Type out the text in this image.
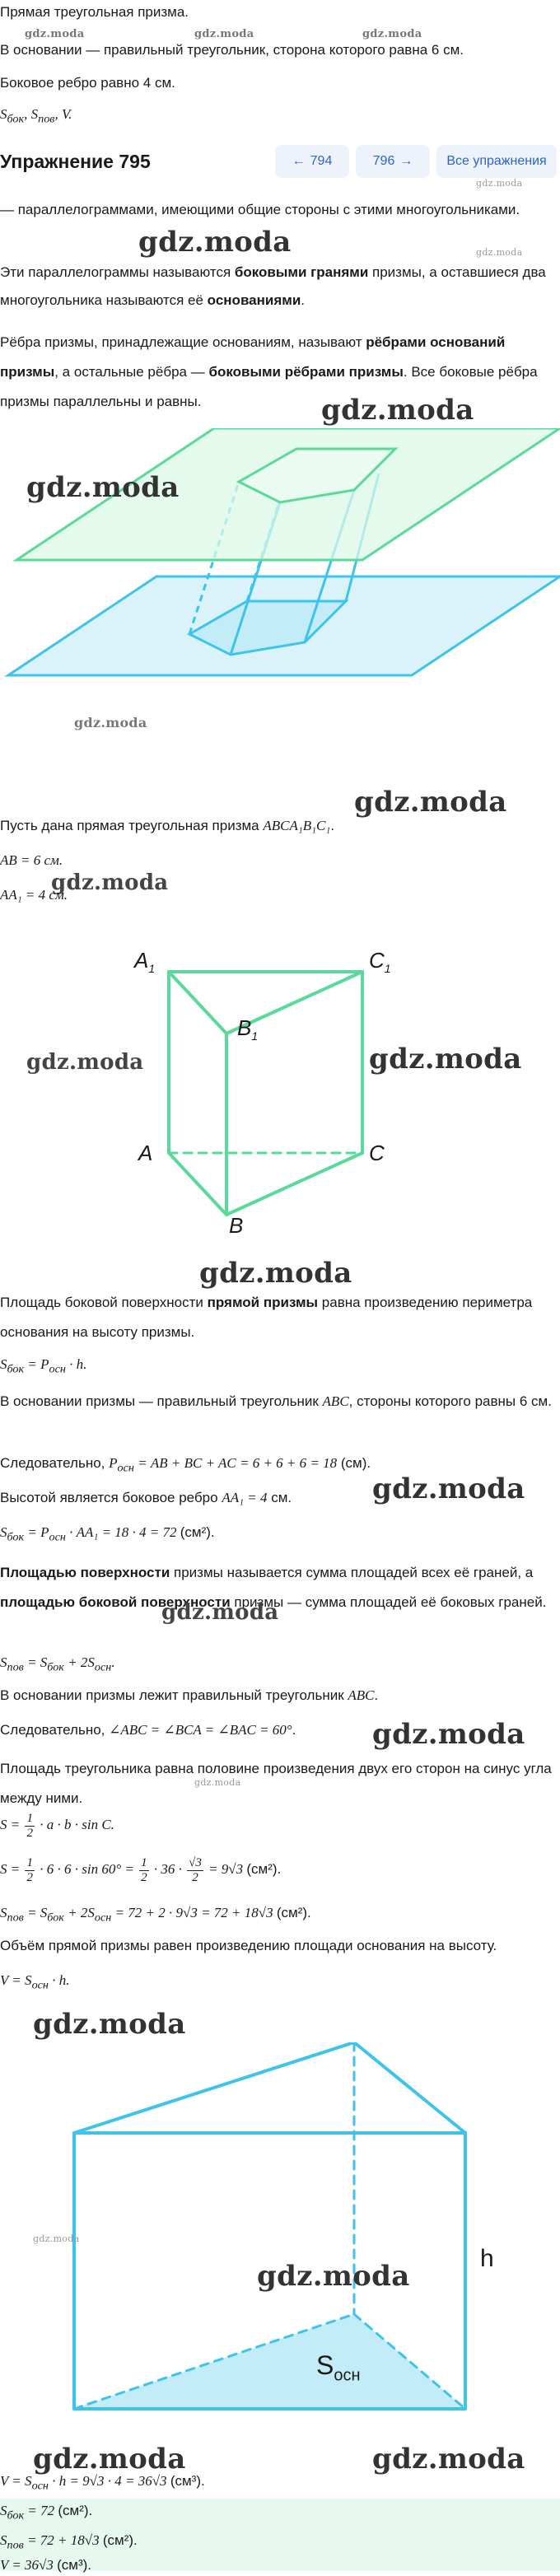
Прямая треугольная призма.
В основании — правильный треугольник, сторона которого равна 6 см.
Боковое ребро равно 4 см.
$S_{бок}$, $S_{пов}$, V.
gdz.moda	gdz.moda	gdz.moda
Упражнение 795	← 794	796 →	Все упражнения
gdz.moda
— параллелограммами, имеющими общие стороны с этими многоугольниками.
gdz.moda	gdz.moda
Эти параллелограммы называются боковыми гранями призмы, а оставшиеся два многоугольника называются её основаниями.
Рёбра призмы, принадлежащие основаниям, называют рёбрами оснований призмы, а остальные рёбра — боковыми рёбрами призмы. Все боковые рёбра призмы параллельны и равны.
gdz.moda
gdz.moda
gdz.moda
gdz.moda
Пусть дана прямая треугольная призма ABCA₁B₁C₁.
AB = 6 см.
gdz.moda
AA₁ = 4 см.
$A_1$	$C_1$
$B_1$
A	C
B
gdz.moda	gdz.moda
gdz.moda
Площадь боковой поверхности прямой призмы равна произведению периметра основания на высоту призмы.
$S_{бок} = P_{осн} \cdot h$.
В основании призмы — правильный треугольник ABC, стороны которого равны 6 см.
Следовательно, $P_{осн}$ = AB + BC + AC = 6 + 6 + 6 = 18 (см).
gdz.moda
Высотой является боковое ребро AA₁ = 4 см.
$S_{бок} = P_{осн} \cdot AA_1 = 18 \cdot 4 = 72$ (см²).
Площадью поверхности призмы называется сумма площадей всех её граней, а площадью боковой поверхности призмы — сумма площадей её боковых граней.
gdz.moda
$S_{пов} = S_{бок} + 2S_{осн}$.
В основании призмы лежит правильный треугольник ABC.
Следовательно, ∠ABC = ∠BCA = ∠BAC = 60°.	gdz.moda
Площадь треугольника равна половине произведения двух его сторон на синус угла между ними.
gdz.moda
$S = \frac{1}{2} \cdot a \cdot b \cdot \sin C$.
$S = \frac{1}{2} \cdot 6 \cdot 6 \cdot \sin 60^\circ = \frac{1}{2} \cdot 36 \cdot \frac{√3}{2} = 9√3$ (см²).
$S_{пов} = S_{бок} + 2S_{осн} = 72 + 2 \cdot 9√3 = 72 + 18√3$ (см²).
Объём прямой призмы равен произведению площади основания на высоту.
$V = S_{осн} \cdot h$.
gdz.moda
h
$S_{осн}$
gdz.moda
gdz.moda
gdz.moda	gdz.moda
$V = S_{осн} \cdot h = 9√3 \cdot 4 = 36√3$ (см³).
$S_{бок} = 72$ (см²).
$S_{пов} = 72 + 18√3$ (см²).
V = 36√3 (см³).
